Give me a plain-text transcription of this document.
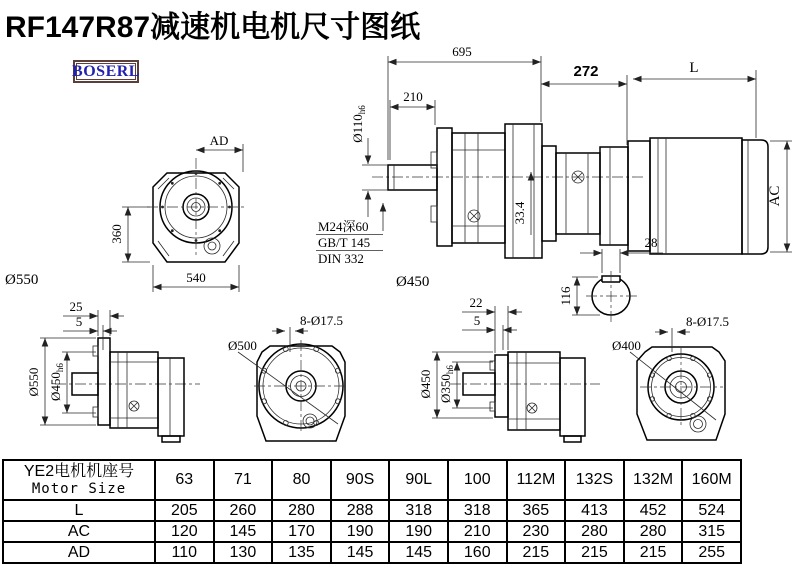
RF147R87减速机电机尺寸图纸
BOSERL
AD
360
540
Ø550
695
272	L
210
$Ø110_{h6}$
M24深60
GB/T 145
DIN 332
33.4
Ø450
AC
28
116
25
5
Ø550 $Ø450_{h6}$
Ø500
8-Ø17.5
22
5
Ø450 $Ø350_{h6}$
Ø400
8-Ø17.5
YE2电机机座号
Motor Size	63	71	80	90S	90L	100	112M	132S	132M	160M
L	205	260	280	288	318	318	365	413	452	524
AC	120	145	170	190	190	210	230	280	280	315
AD	110	130	135	145	145	160	215	215	215	255
